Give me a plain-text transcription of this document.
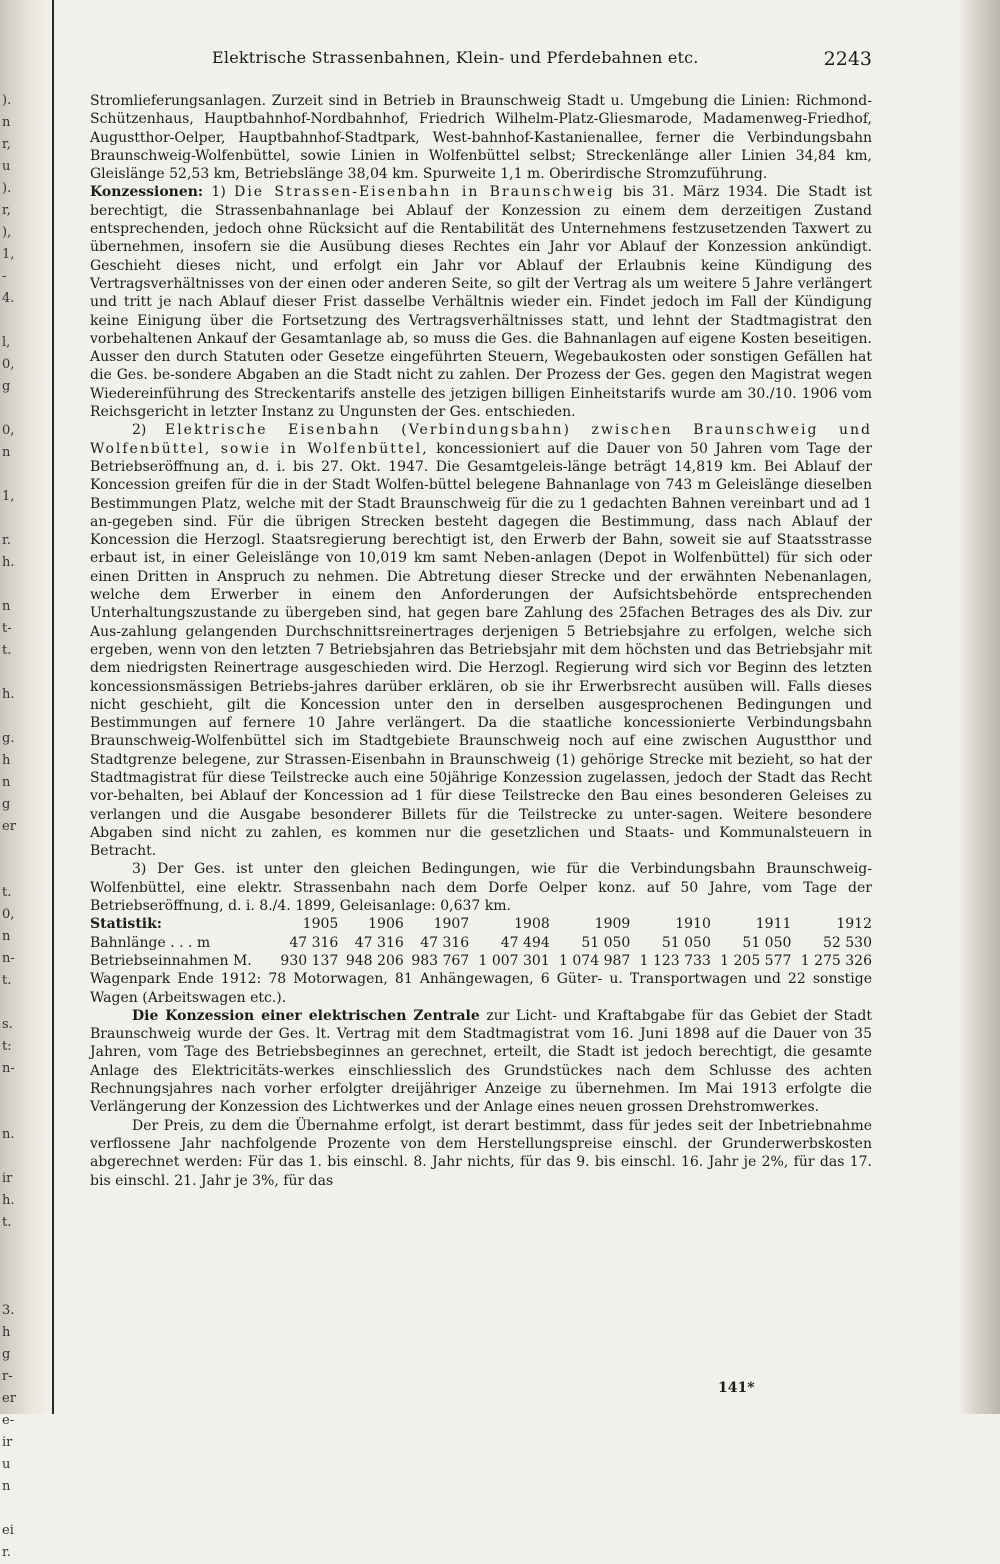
).
n
r,
u
).
r,
),
1,
-
4.

l,
0,
g

0,
n

1,

r.
h.

n
t-
t.

h.

g.
h
n
g
er

t.
0,
n
n-
t.

s.
t:
n-

n.

ir
h.
t.

3.
h
g
r-
er
e-
ir
u
n

ei
r.
Elektrische Strassenbahnen, Klein- und Pferdebahnen etc.	2243

Stromlieferungsanlagen. Zurzeit sind in Betrieb in Braunschweig Stadt u. Umgebung die Linien: Richmond-Schützenhaus, Hauptbahnhof-Nordbahnhof, Friedrich Wilhelm-Platz-Gliesmarode, Madamenweg-Friedhof, Augustthor-Oelper, Hauptbahnhof-Stadtpark, West-bahnhof-Kastanienallee, ferner die Verbindungsbahn Braunschweig-Wolfenbüttel, sowie Linien in Wolfenbüttel selbst; Streckenlänge aller Linien 34,84 km, Gleislänge 52,53 km, Betriebslänge 38,04 km. Spurweite 1,1 m. Oberirdische Stromzuführung.

Konzessionen: 1) Die Strassen-Eisenbahn in Braunschweig bis 31. März 1934. Die Stadt ist berechtigt, die Strassenbahnanlage bei Ablauf der Konzession zu einem dem derzeitigen Zustand entsprechenden, jedoch ohne Rücksicht auf die Rentabilität des Unternehmens festzusetzenden Taxwert zu übernehmen, insofern sie die Ausübung dieses Rechtes ein Jahr vor Ablauf der Konzession ankündigt. Geschieht dieses nicht, und erfolgt ein Jahr vor Ablauf der Erlaubnis keine Kündigung des Vertragsverhältnisses von der einen oder anderen Seite, so gilt der Vertrag als um weitere 5 Jahre verlängert und tritt je nach Ablauf dieser Frist dasselbe Verhältnis wieder ein. Findet jedoch im Fall der Kündigung keine Einigung über die Fortsetzung des Vertragsverhältnisses statt, und lehnt der Stadtmagistrat den vorbehaltenen Ankauf der Gesamtanlage ab, so muss die Ges. die Bahnanlagen auf eigene Kosten beseitigen. Ausser den durch Statuten oder Gesetze eingeführten Steuern, Wegebaukosten oder sonstigen Gefällen hat die Ges. be-sondere Abgaben an die Stadt nicht zu zahlen. Der Prozess der Ges. gegen den Magistrat wegen Wiedereinführung des Streckentarifs anstelle des jetzigen billigen Einheitstarifs wurde am 30./10. 1906 vom Reichsgericht in letzter Instanz zu Ungunsten der Ges. entschieden.

2) Elektrische Eisenbahn (Verbindungsbahn) zwischen Braunschweig und Wolfenbüttel, sowie in Wolfenbüttel, koncessioniert auf die Dauer von 50 Jahren vom Tage der Betriebseröffnung an, d. i. bis 27. Okt. 1947. Die Gesamtgeleis-länge beträgt 14,819 km. Bei Ablauf der Koncession greifen für die in der Stadt Wolfen-büttel belegene Bahnanlage von 743 m Geleislänge dieselben Bestimmungen Platz, welche mit der Stadt Braunschweig für die zu 1 gedachten Bahnen vereinbart und ad 1 an-gegeben sind. Für die übrigen Strecken besteht dagegen die Bestimmung, dass nach Ablauf der Koncession die Herzogl. Staatsregierung berechtigt ist, den Erwerb der Bahn, soweit sie auf Staatsstrasse erbaut ist, in einer Geleislänge von 10,019 km samt Neben-anlagen (Depot in Wolfenbüttel) für sich oder einen Dritten in Anspruch zu nehmen. Die Abtretung dieser Strecke und der erwähnten Nebenanlagen, welche dem Erwerber in einem den Anforderungen der Aufsichtsbehörde entsprechenden Unterhaltungszustande zu übergeben sind, hat gegen bare Zahlung des 25fachen Betrages des als Div. zur Aus-zahlung gelangenden Durchschnittsreinertrages derjenigen 5 Betriebsjahre zu erfolgen, welche sich ergeben, wenn von den letzten 7 Betriebsjahren das Betriebsjahr mit dem höchsten und das Betriebsjahr mit dem niedrigsten Reinertrage ausgeschieden wird. Die Herzogl. Regierung wird sich vor Beginn des letzten koncessionsmässigen Betriebs-jahres darüber erklären, ob sie ihr Erwerbsrecht ausüben will. Falls dieses nicht geschieht, gilt die Koncession unter den in derselben ausgesprochenen Bedingungen und Bestimmungen auf fernere 10 Jahre verlängert. Da die staatliche koncessionierte Verbindungsbahn Braunschweig-Wolfenbüttel sich im Stadtgebiete Braunschweig noch auf eine zwischen Augustthor und Stadtgrenze belegene, zur Strassen-Eisenbahn in Braunschweig (1) gehörige Strecke mit bezieht, so hat der Stadtmagistrat für diese Teilstrecke auch eine 50jährige Konzession zugelassen, jedoch der Stadt das Recht vor-behalten, bei Ablauf der Koncession ad 1 für diese Teilstrecke den Bau eines besonderen Geleises zu verlangen und die Ausgabe besonderer Billets für die Teilstrecke zu unter-sagen. Weitere besondere Abgaben sind nicht zu zahlen, es kommen nur die gesetzlichen und Staats- und Kommunalsteuern in Betracht.

3) Der Ges. ist unter den gleichen Bedingungen, wie für die Verbindungsbahn Braunschweig-Wolfenbüttel, eine elektr. Strassenbahn nach dem Dorfe Oelper konz. auf 50 Jahre, vom Tage der Betriebseröffnung, d. i. 8./4. 1899, Geleisanlage: 0,637 km.

Statistik:	1905	1906	1907	1908	1909	1910	1911	1912
Bahnlänge . . . m	47 316	47 316	47 316	47 494	51 050	51 050	51 050	52 530
Betriebseinnahmen M.	930 137	948 206	983 767	1 007 301	1 074 987	1 123 733	1 205 577	1 275 326

Wagenpark Ende 1912: 78 Motorwagen, 81 Anhängewagen, 6 Güter- u. Transportwagen und 22 sonstige Wagen (Arbeitswagen etc.).

Die Konzession einer elektrischen Zentrale zur Licht- und Kraftabgabe für das Gebiet der Stadt Braunschweig wurde der Ges. lt. Vertrag mit dem Stadtmagistrat vom 16. Juni 1898 auf die Dauer von 35 Jahren, vom Tage des Betriebsbeginnes an gerechnet, erteilt, die Stadt ist jedoch berechtigt, die gesamte Anlage des Elektricitäts-werkes einschliesslich des Grundstückes nach dem Schlusse des achten Rechnungsjahres nach vorher erfolgter dreijähriger Anzeige zu übernehmen. Im Mai 1913 erfolgte die Verlängerung der Konzession des Lichtwerkes und der Anlage eines neuen grossen Drehstromwerkes.

Der Preis, zu dem die Übernahme erfolgt, ist derart bestimmt, dass für jedes seit der Inbetriebnahme verflossene Jahr nachfolgende Prozente von dem Herstellungspreise einschl. der Grunderwerbskosten abgerechnet werden: Für das 1. bis einschl. 8. Jahr nichts, für das 9. bis einschl. 16. Jahr je 2%, für das 17. bis einschl. 21. Jahr je 3%, für das

141*
